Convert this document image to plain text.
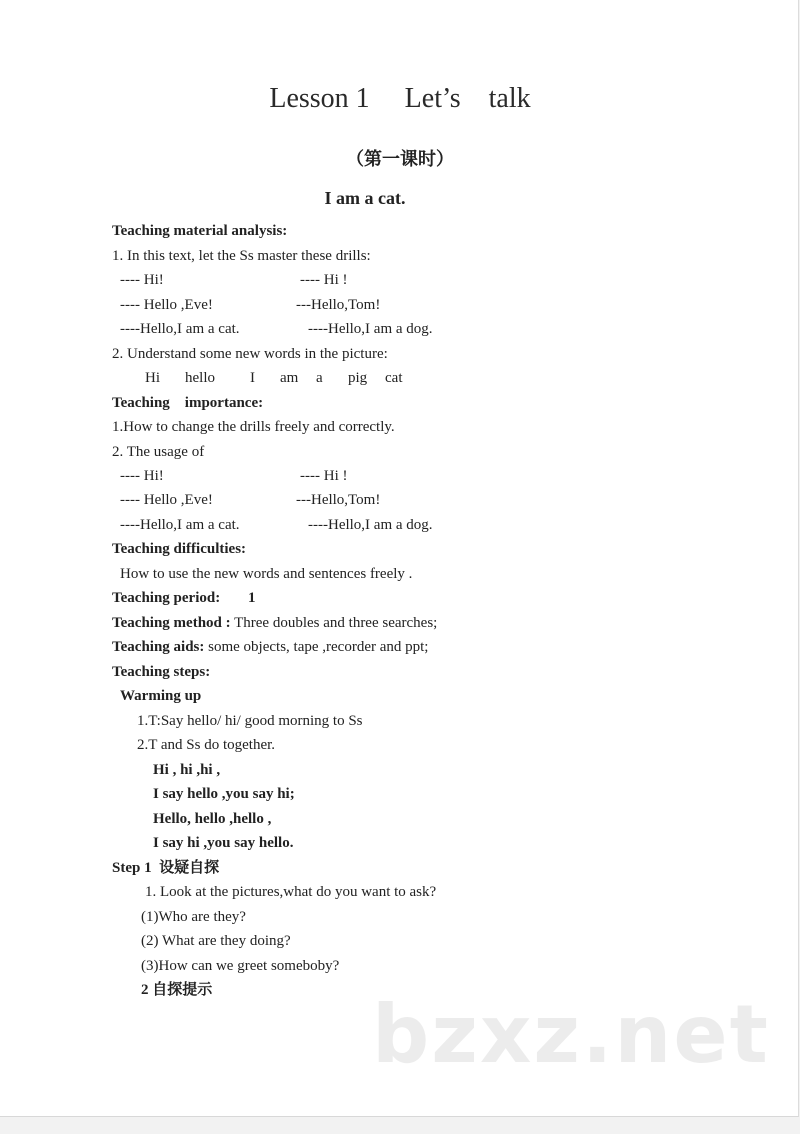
Lesson 1     Let’s    talk
（第一课时）
I am a cat.
Teaching material analysis:
1. In this text, let the Ss master these drills:
---- Hi!	---- Hi !
---- Hello ,Eve!	---Hello,Tom!
----Hello,I am a cat.	----Hello,I am a dog.
2. Understand some new words in the picture:
Hi hello I am a pig cat
Teaching    importance:
1.How to change the drills freely and correctly.
2. The usage of
---- Hi!	---- Hi !
---- Hello ,Eve!	---Hello,Tom!
----Hello,I am a cat.	----Hello,I am a dog.
Teaching difficulties:
How to use the new words and sentences freely .
Teaching period: 1
Teaching method : Three doubles and three searches;
Teaching aids: some objects, tape ,recorder and ppt;
Teaching steps:
Warming up
1.T:Say hello/ hi/ good morning to Ss
2.T and Ss do together.
Hi , hi ,hi ,
I say hello ,you say hi;
Hello, hello ,hello ,
I say hi ,you say hello.
Step 1  设疑自探
1. Look at the pictures,what do you want to ask?
(1)Who are they?
(2) What are they doing?
(3)How can we greet someboby?
2 自探提示 bzxz.net
